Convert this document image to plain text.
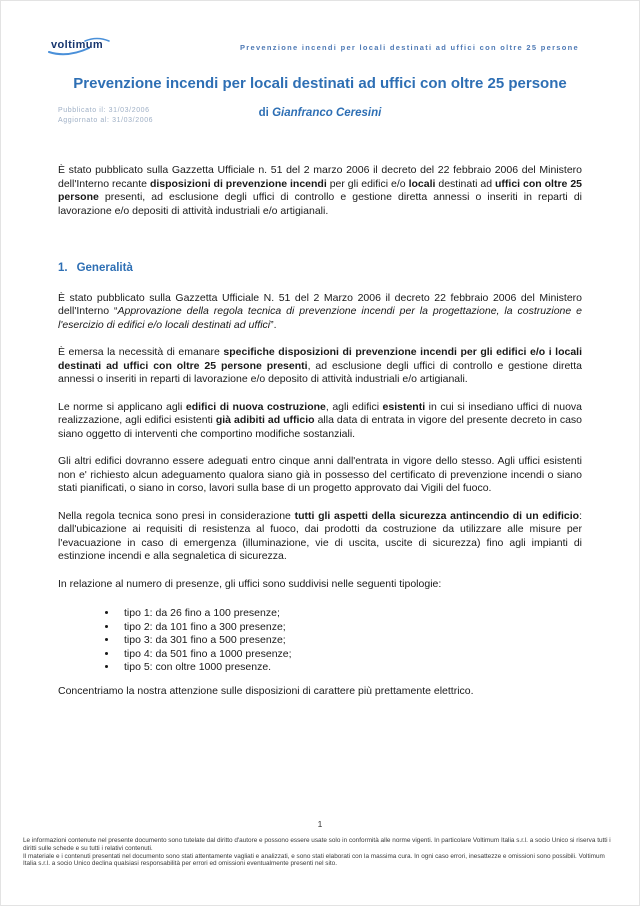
voltimum	Prevenzione incendi per locali destinati ad uffici con oltre 25 persone
Prevenzione incendi per locali destinati ad uffici con oltre 25 persone
Pubblicato il: 31/03/2006
Aggiornato al: 31/03/2006
di Gianfranco Ceresini

È stato pubblicato sulla Gazzetta Ufficiale n. 51 del 2 marzo 2006 il decreto del 22 febbraio 2006 del Ministero dell'Interno recante disposizioni di prevenzione incendi per gli edifici e/o locali destinati ad uffici con oltre 25 persone presenti, ad esclusione degli uffici di controllo e gestione diretta annessi o inseriti in reparti di lavorazione e/o depositi di attività industriali e/o artigianali.

1. Generalità

È stato pubblicato sulla Gazzetta Ufficiale N. 51 del 2 Marzo 2006 il decreto 22 febbraio 2006 del Ministero dell'Interno “Approvazione della regola tecnica di prevenzione incendi per la progettazione, la costruzione e l'esercizio di edifici e/o locali destinati ad uffici”.

È emersa la necessità di emanare specifiche disposizioni di prevenzione incendi per gli edifici e/o i locali destinati ad uffici con oltre 25 persone presenti, ad esclusione degli uffici di controllo e gestione diretta annessi o inseriti in reparti di lavorazione e/o deposito di attività industriali e/o artigianali.

Le norme si applicano agli edifici di nuova costruzione, agli edifici esistenti in cui si insediano uffici di nuova realizzazione, agli edifici esistenti già adibiti ad ufficio alla data di entrata in vigore del presente decreto in caso siano oggetto di interventi che comportino modifiche sostanziali.

Gli altri edifici dovranno essere adeguati entro cinque anni dall'entrata in vigore dello stesso. Agli uffici esistenti non e' richiesto alcun adeguamento qualora siano già in possesso del certificato di prevenzione incendi o siano stati pianificati, o siano in corso, lavori sulla base di un progetto approvato dai Vigili del fuoco.

Nella regola tecnica sono presi in considerazione tutti gli aspetti della sicurezza antincendio di un edificio: dall'ubicazione ai requisiti di resistenza al fuoco, dai prodotti da costruzione da utilizzare alle misure per l'evacuazione in caso di emergenza (illuminazione, vie di uscita, uscite di sicurezza) fino agli impianti di estinzione incendi e alla segnaletica di sicurezza.

In relazione al numero di presenze, gli uffici sono suddivisi nelle seguenti tipologie:

• tipo 1: da 26 fino a 100 presenze;
• tipo 2: da 101 fino a 300 presenze;
• tipo 3: da 301 fino a 500 presenze;
• tipo 4: da 501 fino a 1000 presenze;
• tipo 5: con oltre 1000 presenze.

Concentriamo la nostra attenzione sulle disposizioni di carattere più prettamente elettrico.

1

Le informazioni contenute nel presente documento sono tutelate dal diritto d'autore e possono essere usate solo in conformità alle norme vigenti. In particolare Voltimum Italia s.r.l. a socio Unico si riserva tutti i diritti sulle schede e su tutti i relativi contenuti.

Il materiale e i contenuti presentati nel documento sono stati attentamente vagliati e analizzati, e sono stati elaborati con la massima cura. In ogni caso errori, inesattezze e omissioni sono possibili. Voltimum Italia s.r.l. a socio Unico declina qualsiasi responsabilità per errori ed omissioni eventualmente presenti nel sito.
